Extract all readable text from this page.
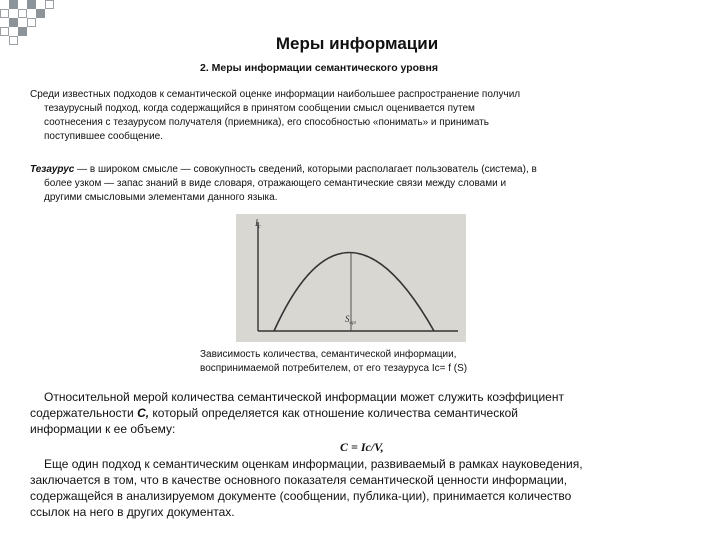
Меры информации
2. Меры информации семантического уровня
Среди известных подходов к семантической оценке информации наибольшее распространение получил
тезаурусный подход, когда содержащийся в принятом сообщении смысл оценивается путем
соотнесения с тезаурусом получателя (приемника), его способностью «понимать» и принимать
поступившее сообщение.
Тезаурус — в широком смысле — совокупность сведений, которыми располагает пользователь (система), в
более узком — запас знаний в виде словаря, отражающего семантические связи между словами и
другими смысловыми элементами данного языка.
$I_c$
$S_{opt}$
Зависимость количества, семантической информации,
воспринимаемой потребителем, от его тезауруса Ic= f (S)
Относительной мерой количества семантической информации может служить коэффициент
содержательности C, который определяется как отношение количества семантической
информации к ее объему:
C = Ic/V,
Еще один подход к семантическим оценкам информации, развиваемый в рамках науковедения,
заключается в том, что в качестве основного показателя семантической ценности информации,
содержащейся в анализируемом документе (сообщении, публика-ции), принимается количество
ссылок на него в других документах.
